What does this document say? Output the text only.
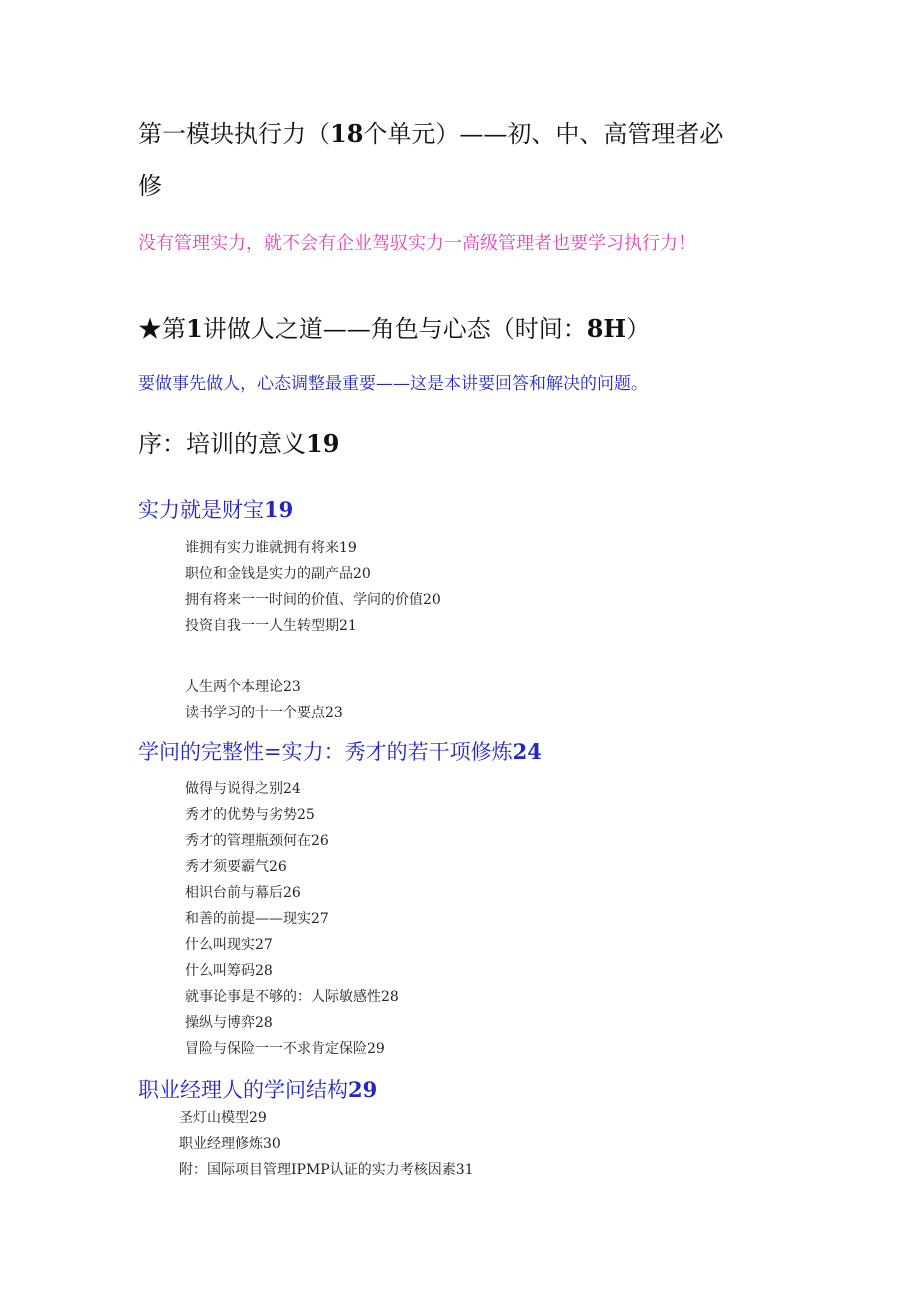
第一模块执行力（18个单元）——初、中、高管理者必
修
没有管理实力，就不会有企业驾驭实力一高级管理者也要学习执行力！
★第1讲做人之道——角色与心态（时间：8H）
要做事先做人，心态调整最重要——这是本讲要回答和解决的问题。
序：培训的意义19
实力就是财宝19
谁拥有实力谁就拥有将来19
职位和金钱是实力的副产品20
拥有将来一一时间的价值、学问的价值20
投资自我一一人生转型期21
人生两个本理论23
读书学习的十一个要点23
学问的完整性=实力：秀才的若干项修炼24
做得与说得之别24
秀才的优势与劣势25
秀才的管理瓶颈何在26
秀才须要霸气26
相识台前与幕后26
和善的前提——现实27
什么叫现实27
什么叫筹码28
就事论事是不够的：人际敏感性28
操纵与博弈28
冒险与保险一一不求肯定保险29
职业经理人的学问结构29
圣灯山模型29
职业经理修炼30
附：国际项目管理IPMP认证的实力考核因素31
